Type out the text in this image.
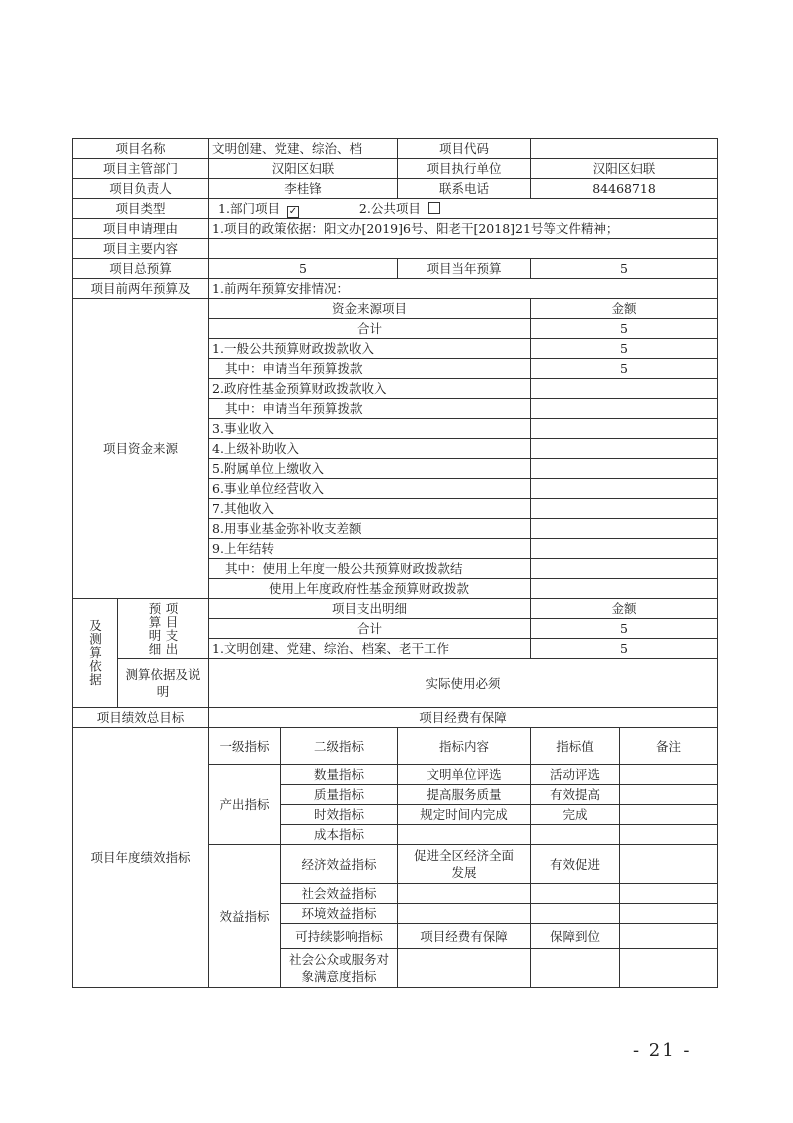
项目名称		文明创建、党建、综治、档		项目代码		
项目主管部门		汉阳区妇联		项目执行单位	汉阳区妇联	
项目负责人		李桂锋		联系电话	84468718	
项目类型		1.部门项目 ✓ 2.公共项目				
项目申请理由		1.项目的政策依据：阳文办[2019]6号、阳老干[2018]21号等文件精神；				
项目主要内容						
项目总预算		5		项目当年预算	5	
项目前两年预算及		1.前两年预算安排情况：				
项目资金来源		资金来源项目			金额	
		合计			5	
		1.一般公共预算财政拨款收入			5	
		其中：申请当年预算拨款			5	
		2.政府性基金预算财政拨款收入				
		其中：申请当年预算拨款				
		3.事业收入				
		4.上级补助收入				
		5.附属单位上缴收入				
		6.事业单位经营收入				
		7.其他收入				
		8.用事业基金弥补收支差额				
		9.上年结转				
		其中：使用上年度一般公共预算财政拨款结				
		使用上年度政府性基金预算财政拨款				
及测算依据	项目支出预算明细	项目支出明细			金额	
		合计			5	
		1.文明创建、党建、综治、档案、老干工作			5	
	测算依据及说明	实际使用必须				
项目绩效总目标		项目经费有保障				
项目年度绩效指标		一级指标	二级指标	指标内容	指标值	备注
		产出指标	数量指标	文明单位评选	活动评选	
			质量指标	提高服务质量	有效提高	
			时效指标	规定时间内完成	完成	
			成本指标			
		效益指标	经济效益指标	促进全区经济全面发展	有效促进	
			社会效益指标			
			环境效益指标			
			可持续影响指标	项目经费有保障	保障到位	
			社会公众或服务对象满意度指标			
- 21 -
